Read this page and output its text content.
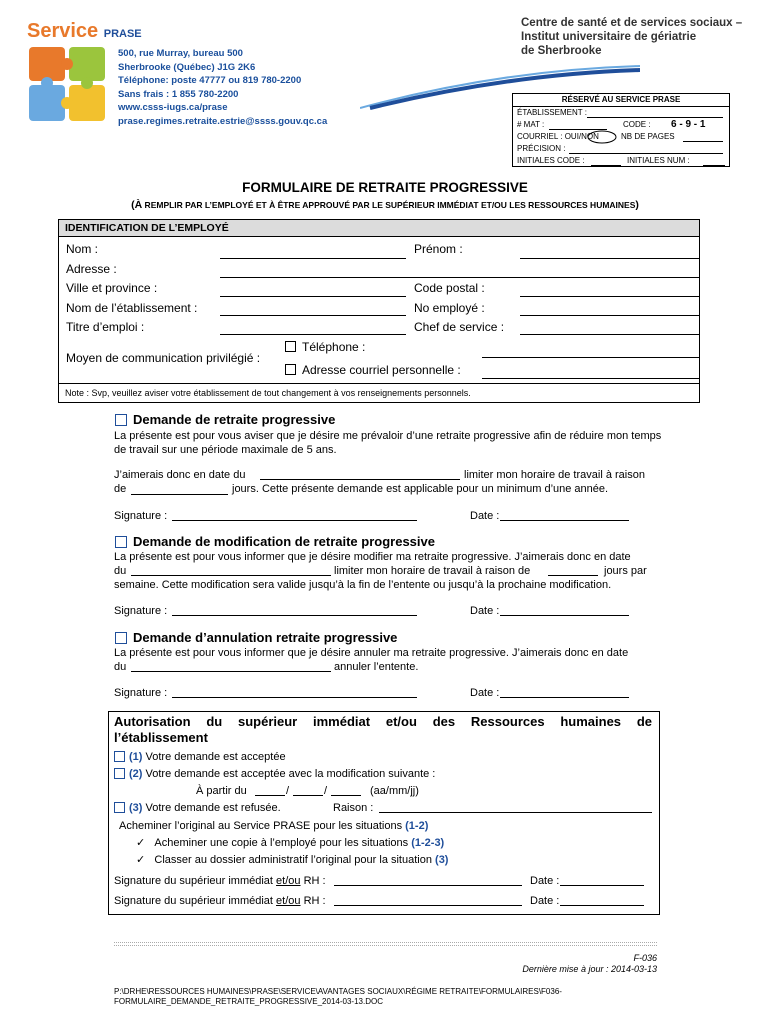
Service PRASE
500, rue Murray, bureau 500
Sherbrooke (Québec) J1G 2K6
Téléphone: poste 47777 ou 819 780-2200
Sans frais : 1 855 780-2200
www.csss-iugs.ca/prase
prase.regimes.retraite.estrie@ssss.gouv.qc.ca
Centre de santé et de services sociaux –
Institut universitaire de gériatrie
de Sherbrooke
RÉSERVÉ AU SERVICE PRASE
ÉTABLISSEMENT :
# MAT :	CODE : 6 - 9 - 1
COURRIEL : OUI/NON	NB DE PAGES
PRÉCISION :
INITIALES CODE :	INITIALES NUM :
FORMULAIRE DE RETRAITE PROGRESSIVE
(À REMPLIR PAR L’EMPLOYÉ ET À ÊTRE APPROUVÉ PAR LE SUPÉRIEUR IMMÉDIAT ET/OU LES RESSOURCES HUMAINES)
IDENTIFICATION DE L’EMPLOYÉ
Nom :	Prénom :
Adresse :
Ville et province :	Code postal :
Nom de l’établissement :	No employé :
Titre d’emploi :	Chef de service :
Moyen de communication privilégié :
Téléphone :
Adresse courriel personnelle :
Note : Svp, veuillez aviser votre établissement de tout changement à vos renseignements personnels.
Demande de retraite progressive
La présente est pour vous aviser que je désire me prévaloir d’une retraite progressive afin de réduire mon temps de travail sur une période maximale de 5 ans.
J’aimerais donc en date du	limiter mon horaire de travail à raison
de	jours. Cette présente demande est applicable pour un minimum d’une année.
Signature :	Date :
Demande de modification de retraite progressive
La présente est pour vous informer que je désire modifier ma retraite progressive. J’aimerais donc en date
du	limiter mon horaire de travail à raison de	jours par
semaine. Cette modification sera valide jusqu’à la fin de l’entente ou jusqu’à la prochaine modification.
Signature :	Date :
Demande d’annulation retraite progressive
La présente est pour vous informer que je désire annuler ma retraite progressive. J’aimerais donc en date
du	annuler l’entente.
Signature :	Date :
Autorisation du supérieur immédiat et/ou des Ressources humaines de
l’établissement
(1) Votre demande est acceptée
(2) Votre demande est acceptée avec la modification suivante :
À partir du	/	/	(aa/mm/jj)
(3) Votre demande est refusée.	Raison :
Acheminer l’original au Service PRASE pour les situations (1-2)
✓ Acheminer une copie à l’employé pour les situations (1-2-3)
✓ Classer au dossier administratif l’original pour la situation (3)
Signature du supérieur immédiat et/ou RH :	Date :
Signature du supérieur immédiat et/ou RH :	Date :
F-036
Dernière mise à jour : 2014-03-13
P:\DRHE\RESSOURCES HUMAINES\PRASE\SERVICE\AVANTAGES SOCIAUX\RÉGIME RETRAITE\FORMULAIRES\F036-
FORMULAIRE_DEMANDE_RETRAITE_PROGRESSIVE_2014-03-13.DOC
